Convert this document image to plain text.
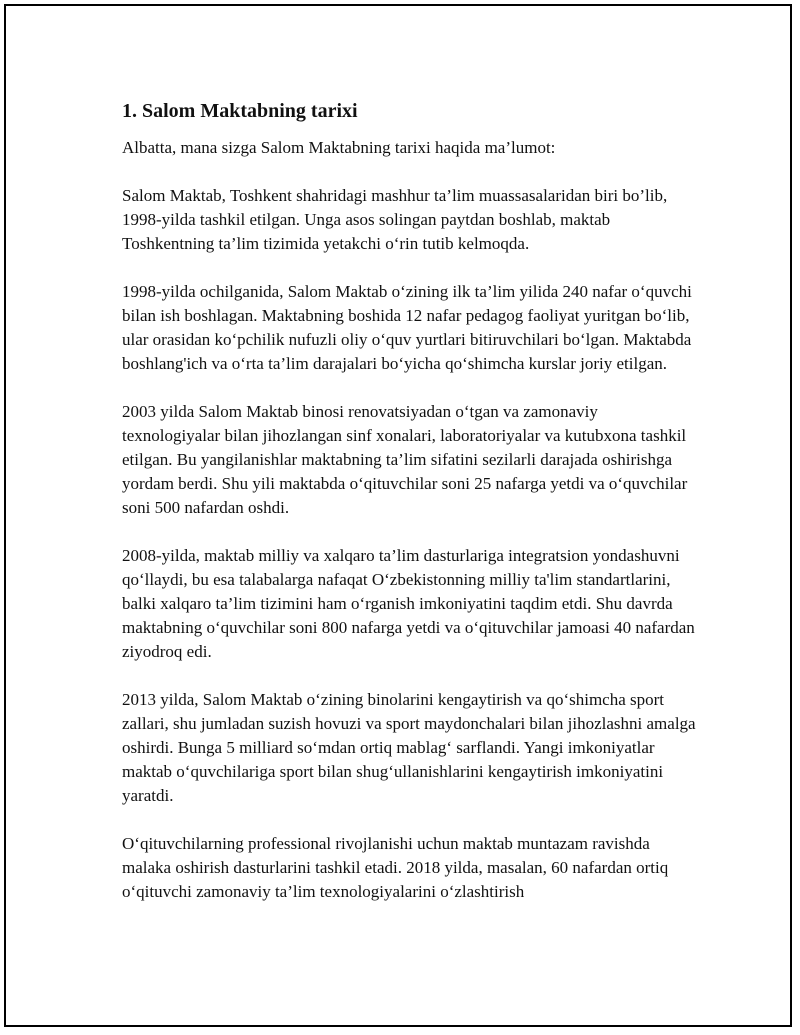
1. Salom Maktabning tarixi

Albatta, mana sizga Salom Maktabning tarixi haqida ma’lumot:

Salom Maktab, Toshkent shahridagi mashhur ta’lim muassasalaridan biri bo’lib, 1998-yilda tashkil etilgan. Unga asos solingan paytdan boshlab, maktab Toshkentning ta’lim tizimida yetakchi o‘rin tutib kelmoqda.

1998-yilda ochilganida, Salom Maktab o‘zining ilk ta’lim yilida 240 nafar o‘quvchi bilan ish boshlagan. Maktabning boshida 12 nafar pedagog faoliyat yuritgan bo‘lib, ular orasidan ko‘pchilik nufuzli oliy o‘quv yurtlari bitiruvchilari bo‘lgan. Maktabda boshlang'ich va o‘rta ta’lim darajalari bo‘yicha qo‘shimcha kurslar joriy etilgan.

2003 yilda Salom Maktab binosi renovatsiyadan o‘tgan va zamonaviy texnologiyalar bilan jihozlangan sinf xonalari, laboratoriyalar va kutubxona tashkil etilgan. Bu yangilanishlar maktabning ta’lim sifatini sezilarli darajada oshirishga yordam berdi. Shu yili maktabda o‘qituvchilar soni 25 nafarga yetdi va o‘quvchilar soni 500 nafardan oshdi.

2008-yilda, maktab milliy va xalqaro ta’lim dasturlariga integratsion yondashuvni qo‘llaydi, bu esa talabalarga nafaqat O‘zbekistonning milliy ta'lim standartlarini, balki xalqaro ta’lim tizimini ham o‘rganish imkoniyatini taqdim etdi. Shu davrda maktabning o‘quvchilar soni 800 nafarga yetdi va o‘qituvchilar jamoasi 40 nafardan ziyodroq edi.

2013 yilda, Salom Maktab o‘zining binolarini kengaytirish va qo‘shimcha sport zallari, shu jumladan suzish hovuzi va sport maydonchalari bilan jihozlashni amalga oshirdi. Bunga 5 milliard so‘mdan ortiq mablag‘ sarflandi. Yangi imkoniyatlar maktab o‘quvchilariga sport bilan shug‘ullanishlarini kengaytirish imkoniyatini yaratdi.

O‘qituvchilarning professional rivojlanishi uchun maktab muntazam ravishda malaka oshirish dasturlarini tashkil etadi. 2018 yilda, masalan, 60 nafardan ortiq o‘qituvchi zamonaviy ta’lim texnologiyalarini o‘zlashtirish
